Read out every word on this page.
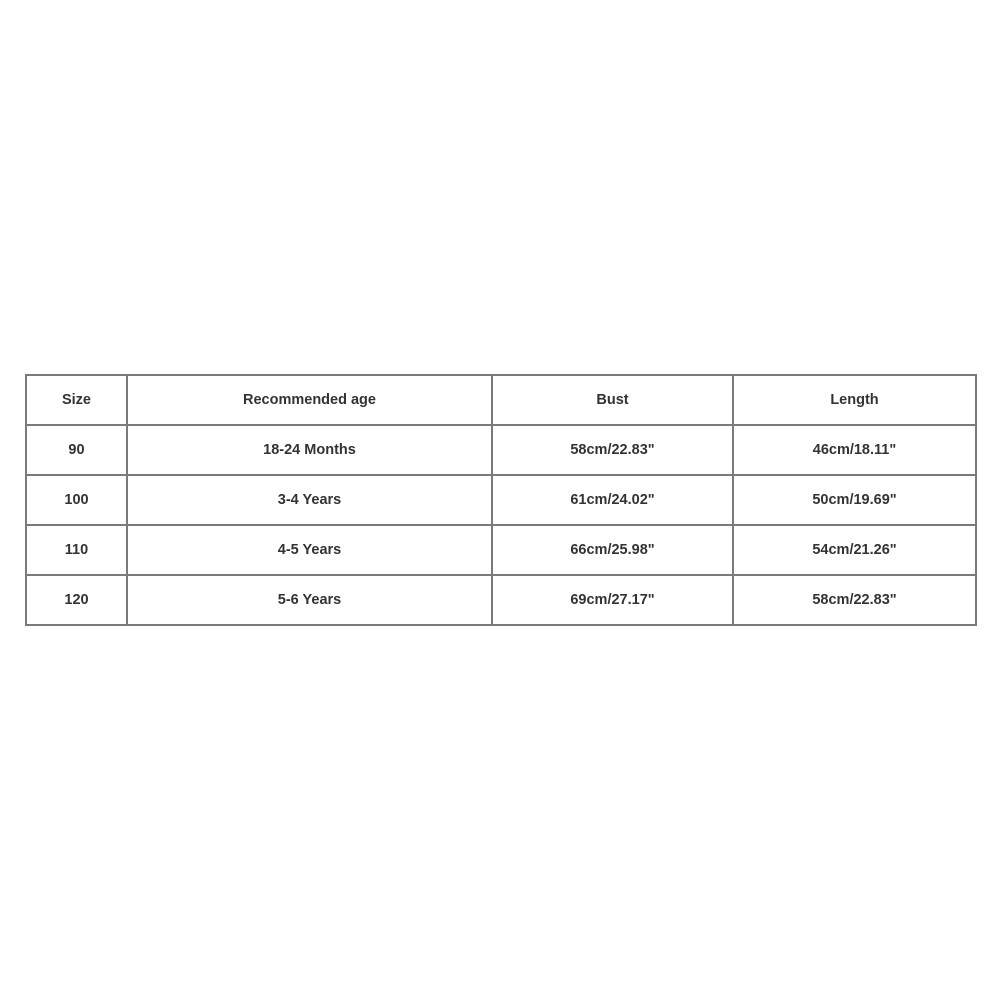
Size	Recommended age	Bust	Length
90	18-24 Months	58cm/22.83"	46cm/18.11"
100	3-4 Years	61cm/24.02"	50cm/19.69"
110	4-5 Years	66cm/25.98"	54cm/21.26"
120	5-6 Years	69cm/27.17"	58cm/22.83"
